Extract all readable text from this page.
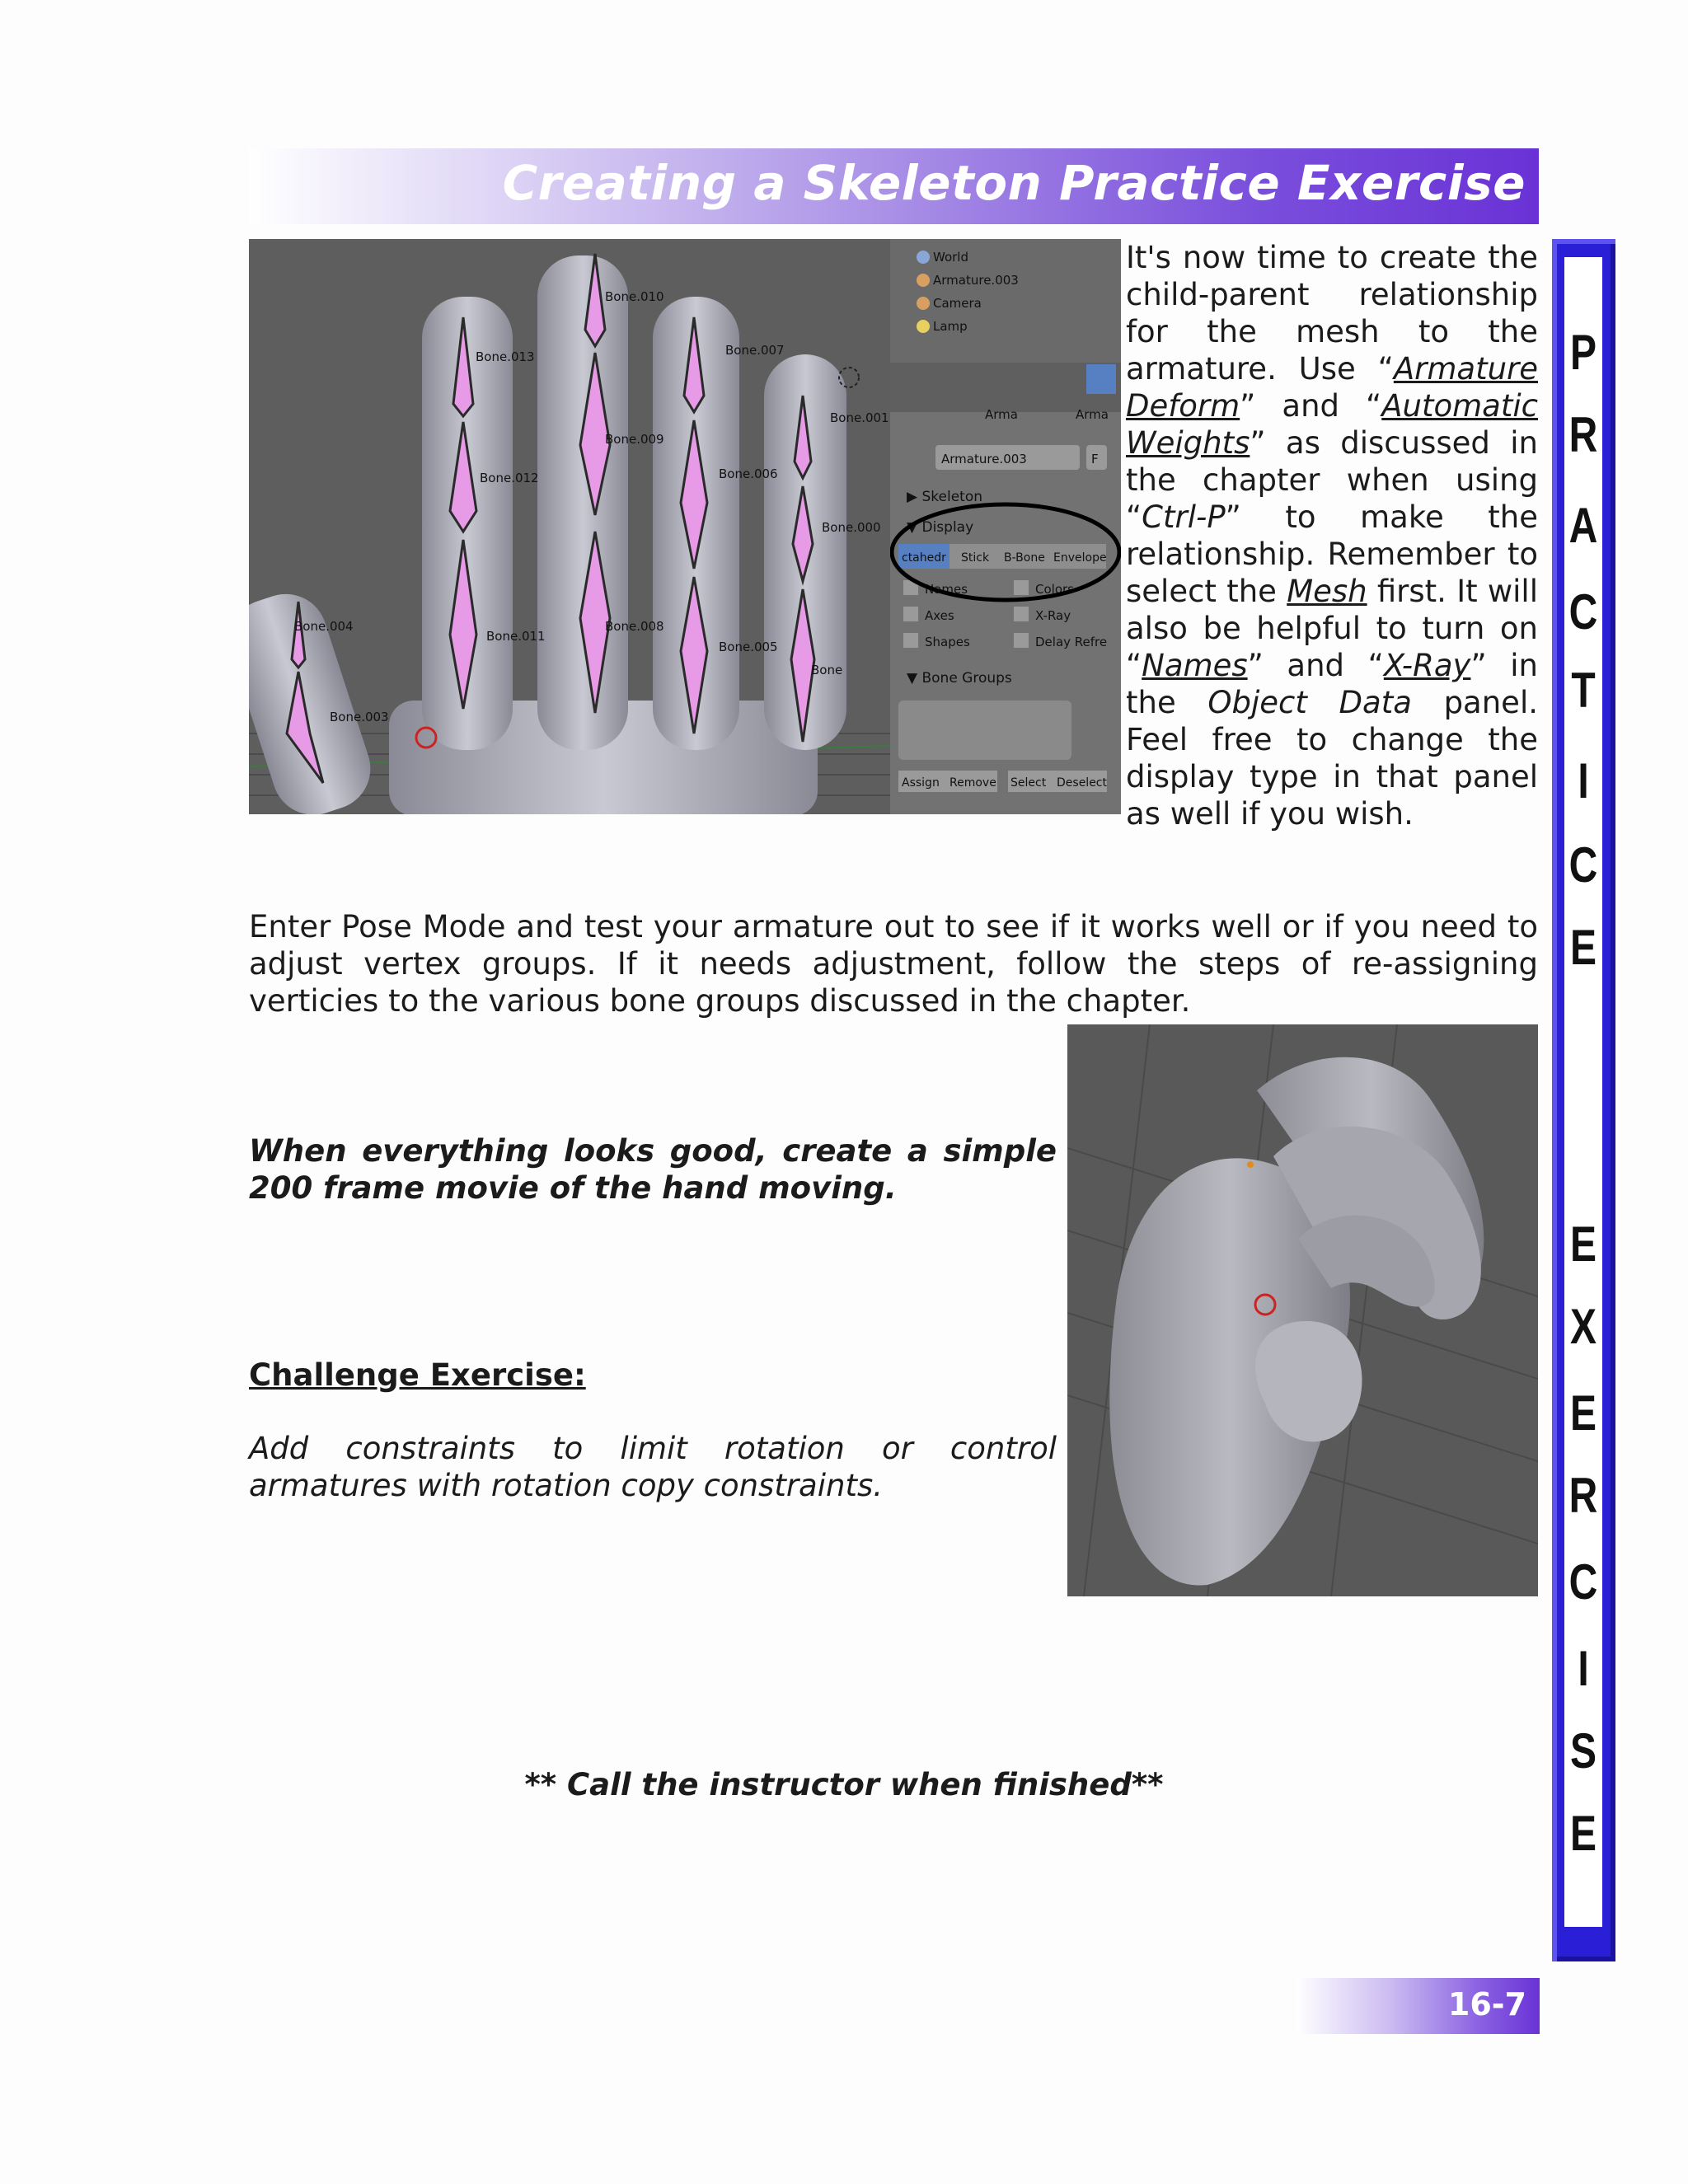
Creating a Skeleton Practice Exercise
P
R
A
C
T
I
C
E
E
X
E
R
C
I
S
E
Bone.010
Bone.013	Bone.007
Bone.001
Bone.009
Bone.012	Bone.006
Bone.000
Bone.004
Bone.011
Bone.008
Bone.005
Bone
Bone.003
World
Armature.003
Camera
Lamp
Armature.003	F
Arma	Arma
▶ Skeleton
▼ Display
▼ Bone Groups
ctahedr Stick B-Bone Envelope
Names	Colors
Axes	X-Ray
Shapes	Delay Refre
Assign Remove Select Deselect
It's now time to create the child-parent relationship for the mesh to the armature. Use “Armature Deform” and “Automatic Weights” as discussed in the chapter when using “Ctrl-P” to make the relationship. Remember to select the Mesh first. It will also be helpful to turn on “Names” and “X-Ray” in the Object Data panel. Feel free to change the display type in that panel as well if you wish.
Enter Pose Mode and test your armature out to see if it works well or if you need to adjust vertex groups. If it needs adjustment, follow the steps of re-assigning verticies to the various bone groups discussed in the chapter.
When everything looks good, create a simple 200 frame movie of the hand moving.
Challenge Exercise:
Add constraints to limit rotation or control armatures with rotation copy constraints.
** Call the instructor when finished**
16-7
